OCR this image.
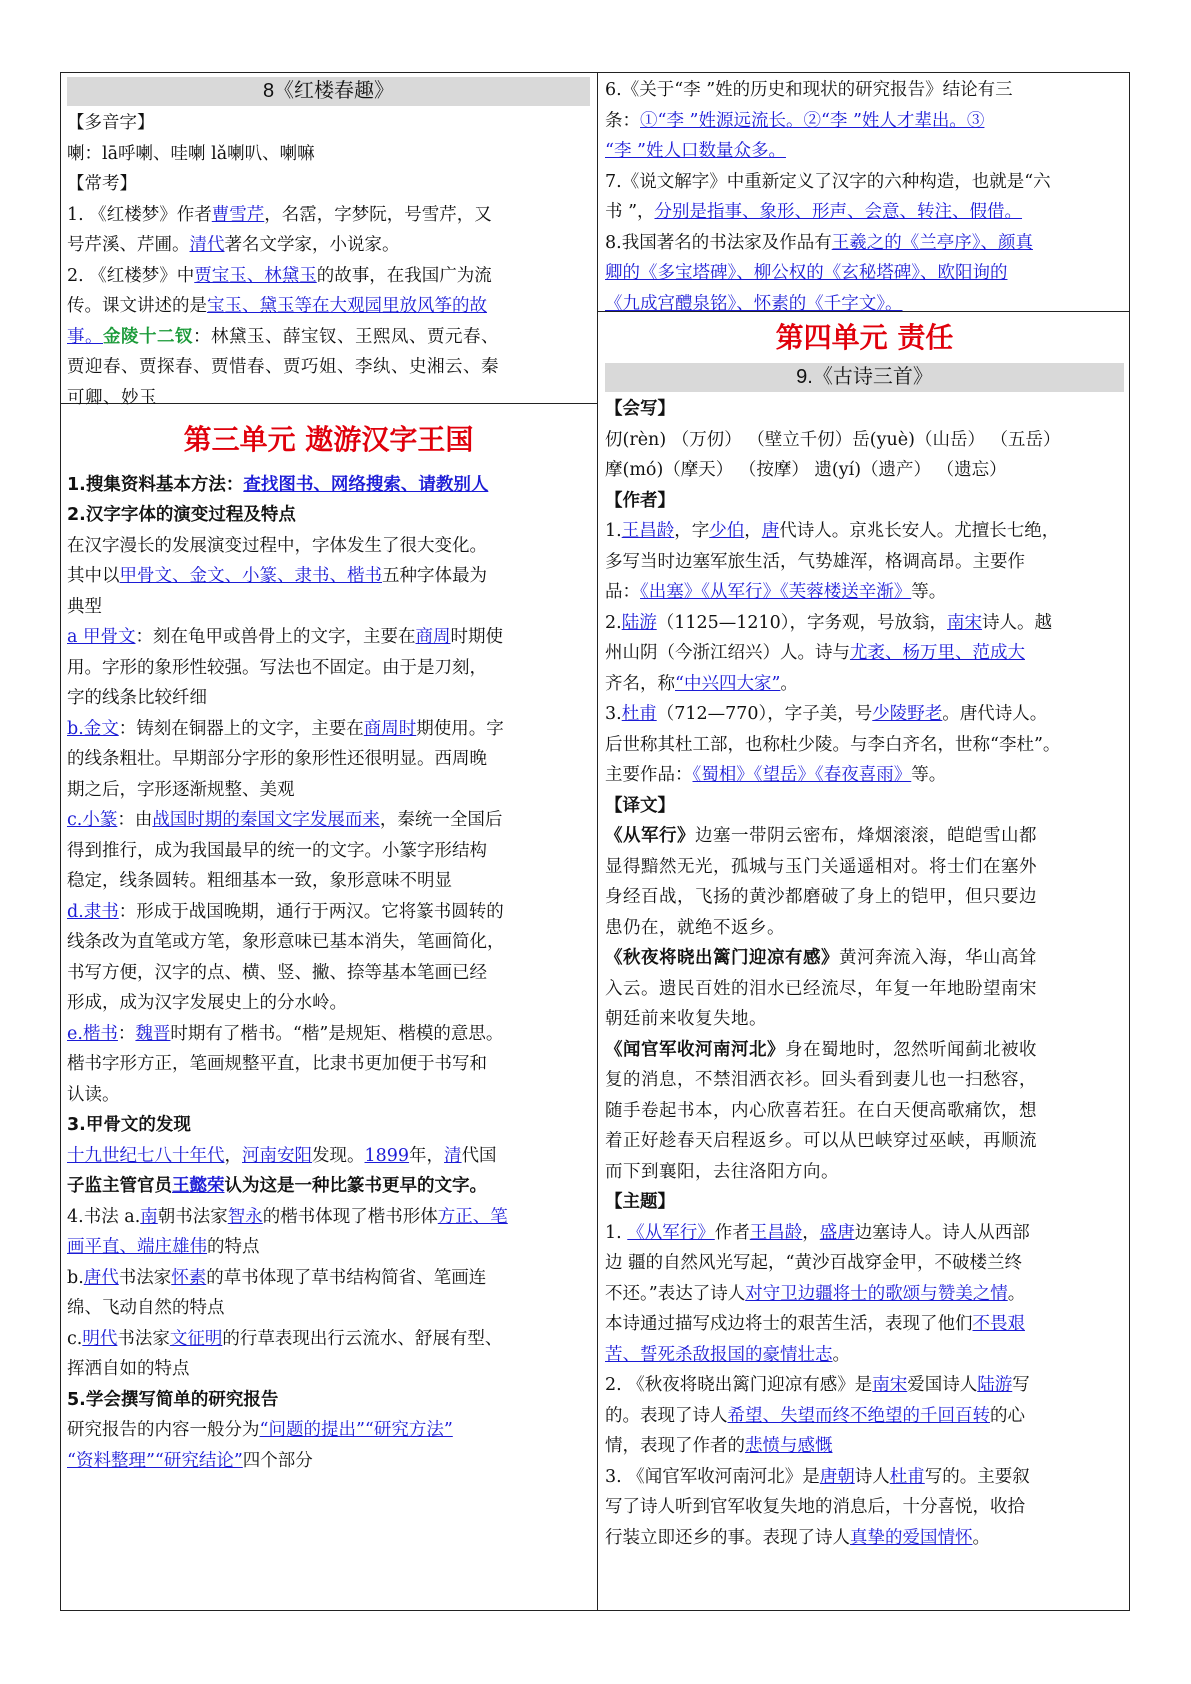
8《红楼春趣》

【多音字】

喇：lā呼喇、哇喇 lǎ喇叭、喇嘛

【常考】

1. 《红楼梦》作者曹雪芹，名霑，字梦阮，号雪芹，又

号芹溪、芹圃。清代著名文学家，小说家。

2. 《红楼梦》中贾宝玉、林黛玉的故事，在我国广为流

传。课文讲述的是宝玉、黛玉等在大观园里放风筝的故

事。金陵十二钗：林黛玉、薛宝钗、王熙凤、贾元春、

贾迎春、贾探春、贾惜春、贾巧姐、李纨、史湘云、秦

可卿、妙玉

第三单元 遨游汉字王国

1.搜集资料基本方法：查找图书、网络搜索、请教别人

2.汉字字体的演变过程及特点

在汉字漫长的发展演变过程中，字体发生了很大变化。

其中以甲骨文、金文、小篆、隶书、楷书五种字体最为

典型

a 甲骨文：刻在龟甲或兽骨上的文字，主要在商周时期使

用。字形的象形性较强。写法也不固定。由于是刀刻，

字的线条比较纤细

b.金文：铸刻在铜器上的文字，主要在商周时期使用。字

的线条粗壮。早期部分字形的象形性还很明显。西周晚

期之后，字形逐渐规整、美观

c.小篆：由战国时期的秦国文字发展而来，秦统一全国后

得到推行，成为我国最早的统一的文字。小篆字形结构

稳定，线条圆转。粗细基本一致，象形意味不明显

d.隶书：形成于战国晚期，通行于两汉。它将篆书圆转的

线条改为直笔或方笔，象形意味已基本消失，笔画简化，

书写方便，汉字的点、横、竖、撇、捺等基本笔画已经

形成，成为汉字发展史上的分水岭。

e.楷书：魏晋时期有了楷书。“楷”是规矩、楷模的意思。

楷书字形方正，笔画规整平直，比隶书更加便于书写和

认读。

3.甲骨文的发现

十九世纪七八十年代，河南安阳发现。1899年，清代国

子监主管官员王懿荣认为这是一种比篆书更早的文字。

4.书法 a.南朝书法家智永的楷书体现了楷书形体方正、笔

画平直、端庄雄伟的特点

b.唐代书法家怀素的草书体现了草书结构简省、笔画连

绵、飞动自然的特点

c.明代书法家文征明的行草表现出行云流水、舒展有型、

挥洒自如的特点

5.学会撰写简单的研究报告

研究报告的内容一般分为“问题的提出”“研究方法”

“资料整理”“研究结论”四个部分

6.《关于“李 ”姓的历史和现状的研究报告》结论有三

条：①“李 ”姓源远流长。②“李 ”姓人才辈出。③

“李 ”姓人口数量众多。

7.《说文解字》中重新定义了汉字的六种构造，也就是“六

书 ”，分别是指事、象形、形声、会意、转注、假借。

8.我国著名的书法家及作品有王羲之的《兰亭序》、颜真

卿的《多宝塔碑》、柳公权的《玄秘塔碑》、欧阳询的

《九成宫醴泉铭》、怀素的《千字文》。

第四单元 责任
9.《古诗三首》

【会写】

仞(rèn) （万仞） （壁立千仞）岳(yuè)（山岳） （五岳）

摩(mó)（摩天） （按摩） 遗(yí)（遗产） （遗忘）

【作者】

1.王昌龄，字少伯，唐代诗人。京兆长安人。尤擅长七绝，

多写当时边塞军旅生活，气势雄浑，格调高昂。主要作

品：《出塞》《从军行》《芙蓉楼送辛渐》等。

2.陆游（1125—1210），字务观，号放翁，南宋诗人。越

州山阴（今浙江绍兴）人。诗与尤袤、杨万里、范成大

齐名，称“中兴四大家”。

3.杜甫（712—770），字子美，号少陵野老。唐代诗人。

后世称其杜工部，也称杜少陵。与李白齐名，世称“李杜”。

主要作品：《蜀相》《望岳》《春夜喜雨》等。

【译文】

《从军行》边塞一带阴云密布，烽烟滚滚，皑皑雪山都

显得黯然无光，孤城与玉门关遥遥相对。将士们在塞外

身经百战，飞扬的黄沙都磨破了身上的铠甲，但只要边

患仍在，就绝不返乡。

《秋夜将晓出篱门迎凉有感》黄河奔流入海，华山高耸

入云。遗民百姓的泪水已经流尽，年复一年地盼望南宋

朝廷前来收复失地。

《闻官军收河南河北》身在蜀地时，忽然听闻蓟北被收

复的消息，不禁泪洒衣衫。回头看到妻儿也一扫愁容，

随手卷起书本，内心欣喜若狂。在白天便高歌痛饮，想

着正好趁春天启程返乡。可以从巴峡穿过巫峡，再顺流

而下到襄阳，去往洛阳方向。

【主题】

1. 《从军行》作者王昌龄，盛唐边塞诗人。诗人从西部

边 疆的自然风光写起，“黄沙百战穿金甲，不破楼兰终

不还。”表达了诗人对守卫边疆将士的歌颂与赞美之情。

本诗通过描写戍边将士的艰苦生活，表现了他们不畏艰

苦、誓死杀敌报国的豪情壮志。

2. 《秋夜将晓出篱门迎凉有感》是南宋爱国诗人陆游写

的。表现了诗人希望、失望而终不绝望的千回百转的心

情，表现了作者的悲愤与感慨

3. 《闻官军收河南河北》是唐朝诗人杜甫写的。主要叙

写了诗人听到官军收复失地的消息后，十分喜悦，收拾

行装立即还乡的事。表现了诗人真挚的爱国情怀。
